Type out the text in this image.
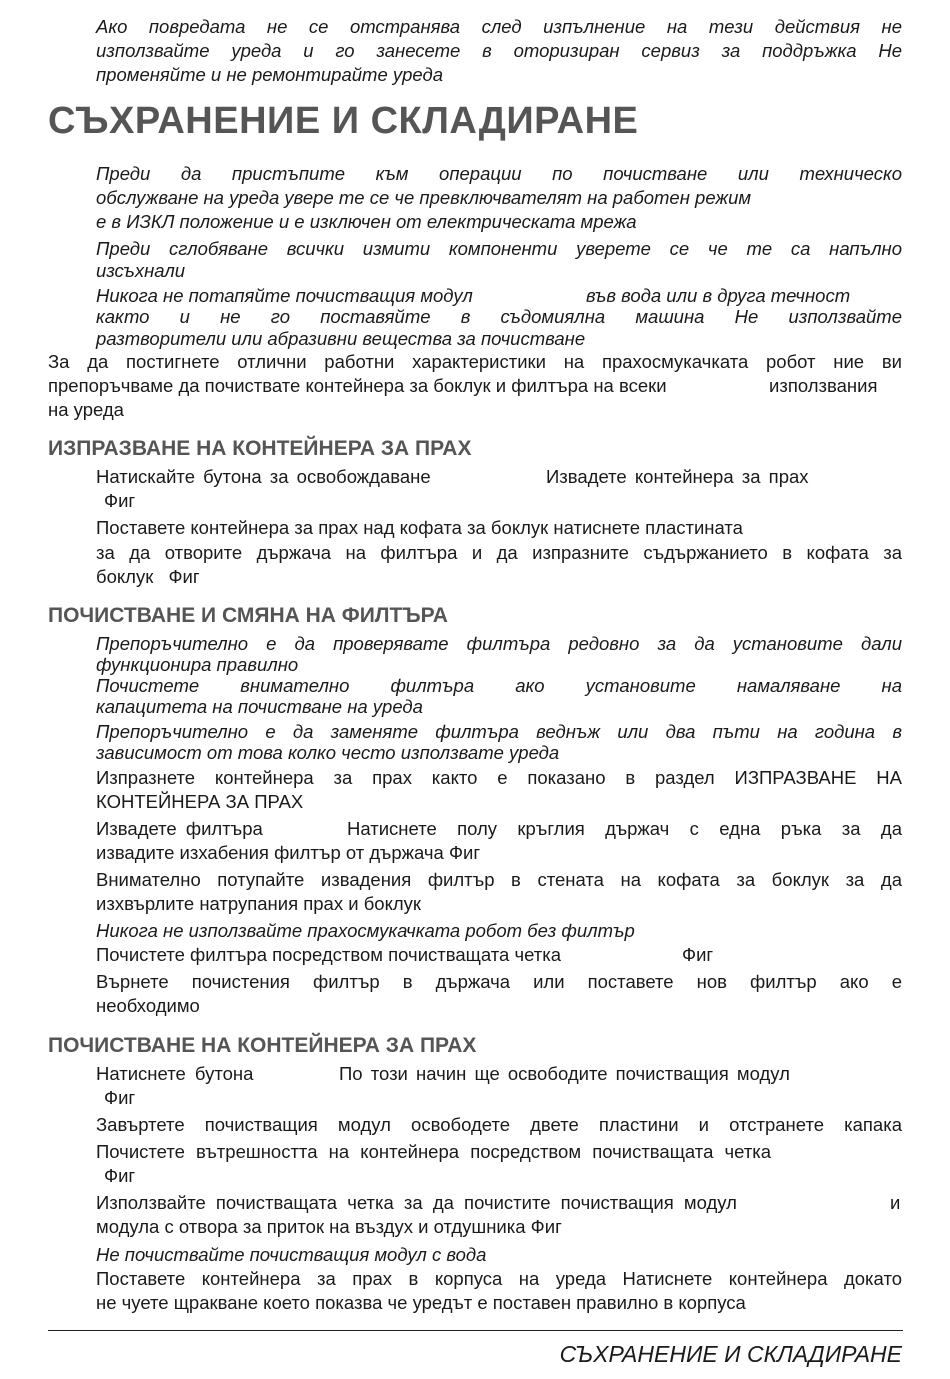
Ако повредата не се отстранява след изпълнение на тези действия не

използвайте уреда и го занесете в оторизиран сервиз за поддръжка Не

променяйте и не ремонтирайте уреда

СЪХРАНЕНИЕ И СКЛАДИРАНЕ

Преди да пристъпите към операции по почистване или техническо

обслужване на уреда увере те се че превключвателят на работен режим

е в ИЗКЛ положение и е изключен от електрическата мрежа

Преди сглобяване всички измити компоненти уверете се че те са напълно

изсъхнали

Никога не потапяйте почистващия модул	във вода или в друга течност

както и не го поставяйте в съдомиялна машина Не използвайте

разтворители или абразивни вещества за почистване

За да постигнете отлични работни характеристики на прахосмукачката робот ние ви

препоръчваме да почиствате контейнера за боклук и филтъра на всеки	използвания

на уреда

ИЗПРАЗВАНЕ НА КОНТЕЙНЕРА ЗА ПРАХ

Натискайте бутона за освобождаване	Извадете контейнера за прах

Фиг

Поставете контейнера за прах над кофата за боклук натиснете пластината

за да отворите държача на филтъра и да изпразните съдържанието в кофата за

боклук Фиг

ПОЧИСТВАНЕ И СМЯНА НА ФИЛТЪРА

Препоръчително е да проверявате филтъра редовно за да установите дали

функционира правилно

Почистете внимателно филтъра ако установите намаляване на

капацитета на почистване на уреда

Препоръчително е да заменяте филтъра веднъж или два пъти на година в

зависимост от това колко често използвате уреда

Изпразнете контейнера за прах както е показано в раздел ИЗПРАЗВАНЕ НА

КОНТЕЙНЕРА ЗА ПРАХ

Извадете филтъра	Натиснете полу кръглия държач с една ръка за да

извадите изхабения филтър от държача Фиг

Внимателно потупайте извадения филтър в стената на кофата за боклук за да

изхвърлите натрупания прах и боклук

Никога не използвайте прахосмукачката робот без филтър

Почистете филтъра посредством почистващата четка	Фиг

Върнете почистения филтър в държача или поставете нов филтър ако е

необходимо

ПОЧИСТВАНЕ НА КОНТЕЙНЕРА ЗА ПРАХ

Натиснете бутона	По този начин ще освободите почистващия модул

Фиг

Завъртете почистващия модул освободете двете пластини и отстранете капака

Почистете вътрешността на контейнера посредством почистващата четка

Фиг

Използвайте почистващата четка за да почистите почистващия модул	и

модула с отвора за приток на въздух и отдушника Фиг

Не почиствайте почистващия модул с вода

Поставете контейнера за прах в корпуса на уреда Натиснете контейнера докато

не чуете щракване което показва че уредът е поставен правилно в корпуса

СЪХРАНЕНИЕ И СКЛАДИРАНЕ
